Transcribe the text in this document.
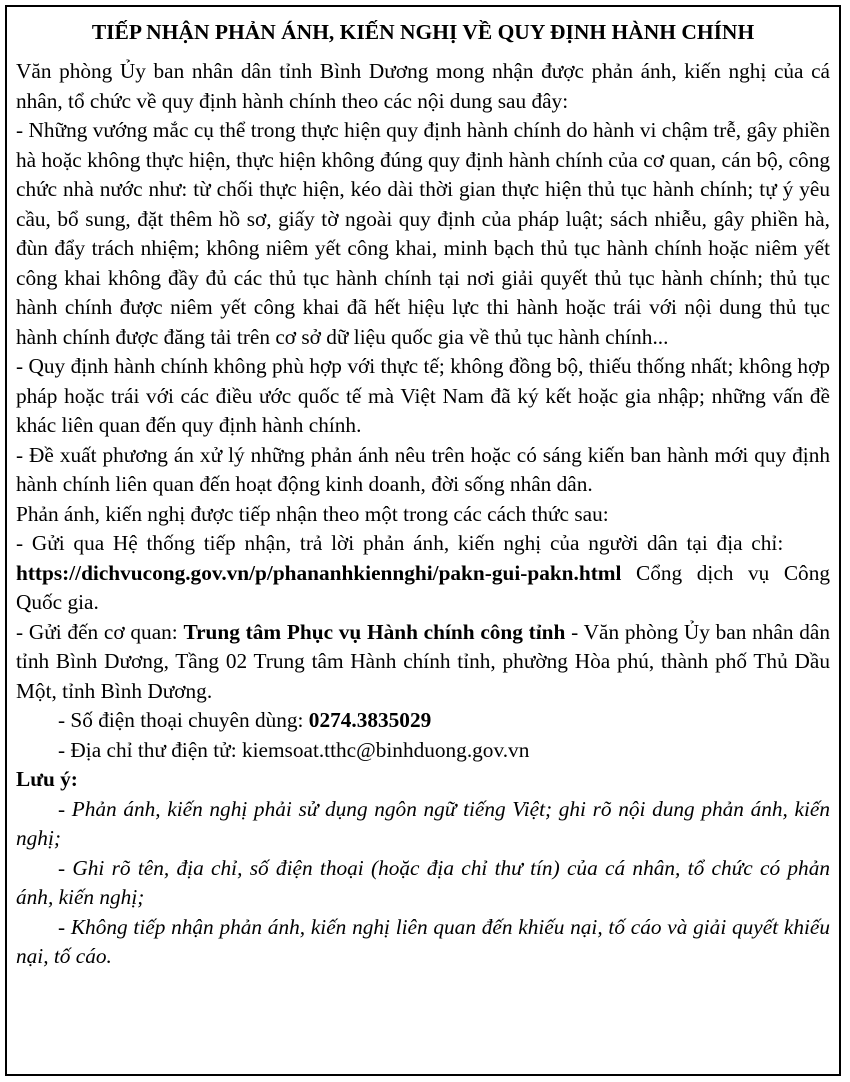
TIẾP NHẬN PHẢN ÁNH, KIẾN NGHỊ VỀ QUY ĐỊNH HÀNH CHÍNH

Văn phòng Ủy ban nhân dân tỉnh Bình Dương mong nhận được phản ánh, kiến nghị của cá nhân, tổ chức về quy định hành chính theo các nội dung sau đây:

- Những vướng mắc cụ thể trong thực hiện quy định hành chính do hành vi chậm trễ, gây phiền hà hoặc không thực hiện, thực hiện không đúng quy định hành chính của cơ quan, cán bộ, công chức nhà nước như: từ chối thực hiện, kéo dài thời gian thực hiện thủ tục hành chính; tự ý yêu cầu, bổ sung, đặt thêm hồ sơ, giấy tờ ngoài quy định của pháp luật; sách nhiễu, gây phiền hà, đùn đẩy trách nhiệm; không niêm yết công khai, minh bạch thủ tục hành chính hoặc niêm yết công khai không đầy đủ các thủ tục hành chính tại nơi giải quyết thủ tục hành chính; thủ tục hành chính được niêm yết công khai đã hết hiệu lực thi hành hoặc trái với nội dung thủ tục hành chính được đăng tải trên cơ sở dữ liệu quốc gia về thủ tục hành chính...

- Quy định hành chính không phù hợp với thực tế; không đồng bộ, thiếu thống nhất; không hợp pháp hoặc trái với các điều ước quốc tế mà Việt Nam đã ký kết hoặc gia nhập; những vấn đề khác liên quan đến quy định hành chính.

- Đề xuất phương án xử lý những phản ánh nêu trên hoặc có sáng kiến ban hành mới quy định hành chính liên quan đến hoạt động kinh doanh, đời sống nhân dân.

Phản ánh, kiến nghị được tiếp nhận theo một trong các cách thức sau:

- Gửi qua Hệ thống tiếp nhận, trả lời phản ánh, kiến nghị của người dân tại địa chỉ: https://dichvucong.gov.vn/p/phananhkiennghi/pakn-gui-pakn.html Cổng dịch vụ Công Quốc gia.

- Gửi đến cơ quan: Trung tâm Phục vụ Hành chính công tỉnh - Văn phòng Ủy ban nhân dân tỉnh Bình Dương, Tầng 02 Trung tâm Hành chính tỉnh, phường Hòa phú, thành phố Thủ Dầu Một, tỉnh Bình Dương.

- Số điện thoại chuyên dùng: 0274.3835029

- Địa chỉ thư điện tử: kiemsoat.tthc@binhduong.gov.vn

Lưu ý:

- Phản ánh, kiến nghị phải sử dụng ngôn ngữ tiếng Việt; ghi rõ nội dung phản ánh, kiến nghị;

- Ghi rõ tên, địa chỉ, số điện thoại (hoặc địa chỉ thư tín) của cá nhân, tổ chức có phản ánh, kiến nghị;

- Không tiếp nhận phản ánh, kiến nghị liên quan đến khiếu nại, tố cáo và giải quyết khiếu nại, tố cáo.
